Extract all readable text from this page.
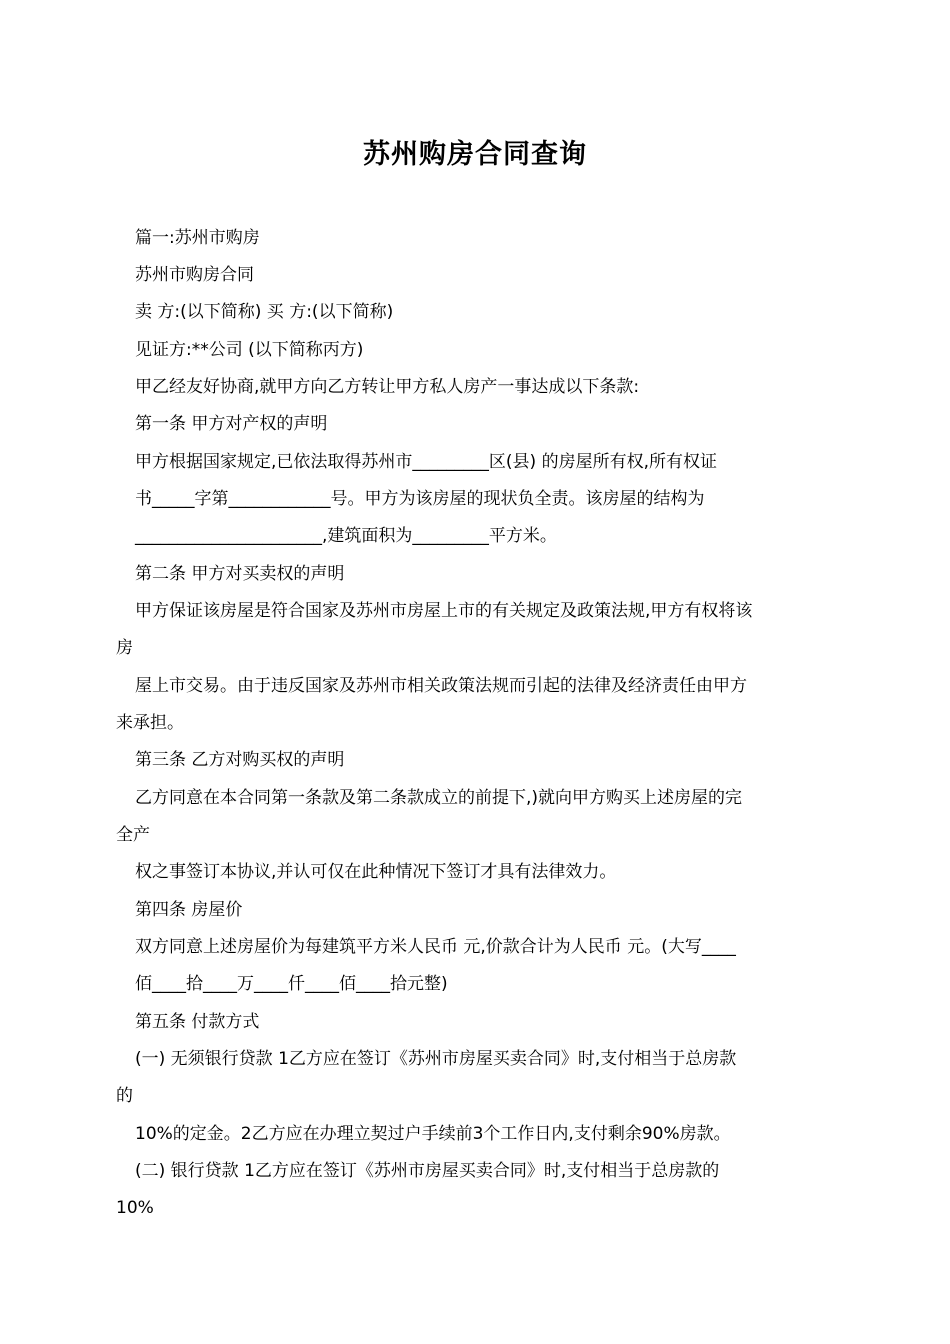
苏州购房合同查询

篇一:苏州市购房

苏州市购房合同

卖 方:(以下简称) 买 方:(以下简称)

见证方:**公司 (以下简称丙方)

甲乙经友好协商,就甲方向乙方转让甲方私人房产一事达成以下条款:

第一条 甲方对产权的声明

甲方根据国家规定,已依法取得苏州市_________区(县) 的房屋所有权,所有权证

书_____字第____________号。甲方为该房屋的现状负全责。该房屋的结构为

______________________,建筑面积为_________平方米。

第二条 甲方对买卖权的声明

甲方保证该房屋是符合国家及苏州市房屋上市的有关规定及政策法规,甲方有权将该

房

屋上市交易。由于违反国家及苏州市相关政策法规而引起的法律及经济责任由甲方

来承担。

第三条 乙方对购买权的声明

乙方同意在本合同第一条款及第二条款成立的前提下,)就向甲方购买上述房屋的完

全产

权之事签订本协议,并认可仅在此种情况下签订才具有法律效力。

第四条 房屋价

双方同意上述房屋价为每建筑平方米人民币 元,价款合计为人民币 元。(大写____

佰____拾____万____仟____佰____拾元整)

第五条 付款方式

(一) 无须银行贷款 1乙方应在签订《苏州市房屋买卖合同》时,支付相当于总房款

的

10%的定金。2乙方应在办理立契过户手续前3个工作日内,支付剩余90%房款。

(二) 银行贷款 1乙方应在签订《苏州市房屋买卖合同》时,支付相当于总房款的

10%
